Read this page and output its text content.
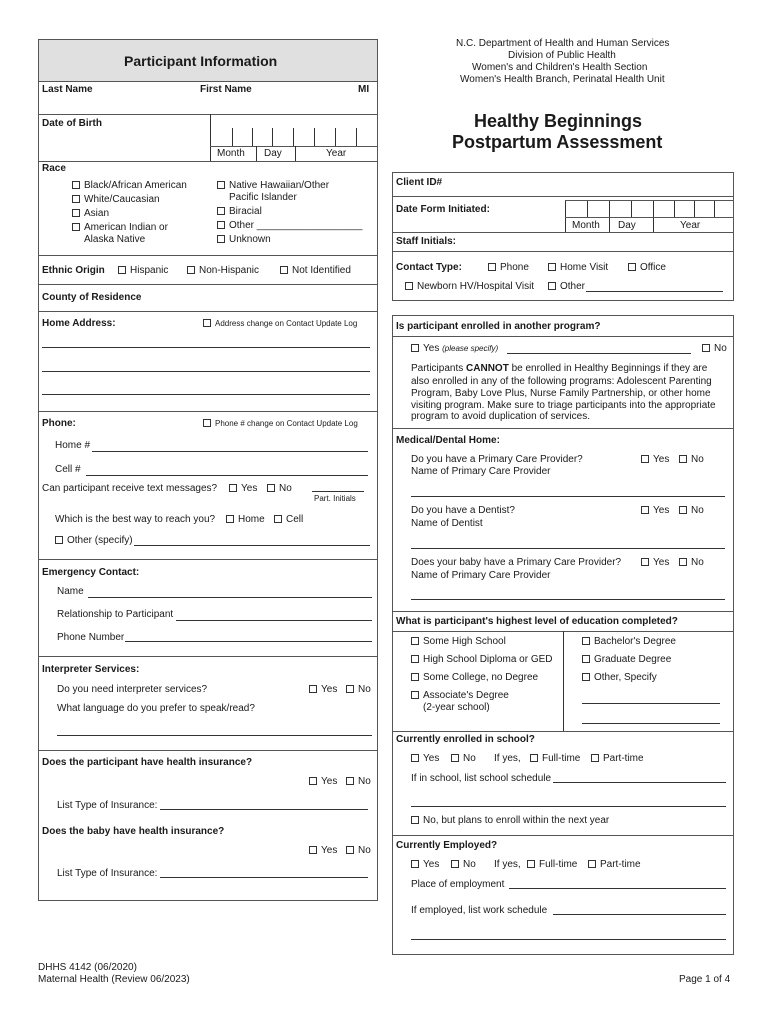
Participant Information
Last Name	First Name	MI
Date of Birth
Month Day	Year
Race
Black/African American
White/Caucasian
Asian
American Indian or
Alaska Native
Native Hawaiian/Other
Pacific Islander
Biracial
Other ___________________
Unknown
Ethnic Origin	Hispanic	Non-Hispanic	Not Identified
County of Residence
Home Address:	Address change on Contact Update Log
Phone:	Phone # change on Contact Update Log
Home #
Cell #
Can participant receive text messages?	Yes	No
Part. Initials
Which is the best way to reach you?	Home	Cell
Other (specify)
Emergency Contact:
Name
Relationship to Participant
Phone Number
Interpreter Services:
Do you need interpreter services?	Yes	No
What language do you prefer to speak/read?
Does the participant have health insurance?
Yes	No
List Type of Insurance:
Does the baby have health insurance?
Yes	No
List Type of Insurance:
N.C. Department of Health and Human Services
Division of Public Health
Women's and Children's Health Section
Women's Health Branch, Perinatal Health Unit
Healthy Beginnings
Postpartum Assessment
Client ID#
Date Form Initiated:
Month Day	Year
Staff Initials:
Contact Type:	Phone	Home Visit	Office
Newborn HV/Hospital Visit	Other
Is participant enrolled in another program?
Yes (please specify)	No
Participants CANNOT be enrolled in Healthy Beginnings if they are
also enrolled in any of the following programs: Adolescent Parenting
Program, Baby Love Plus, Nurse Family Partnership, or other home
visiting program. Make sure to triage participants into the appropriate
program to avoid duplication of services.
Medical/Dental Home:
Do you have a Primary Care Provider?	Yes	No
Name of Primary Care Provider
Do you have a Dentist?	Yes	No
Name of Dentist
Does your baby have a Primary Care Provider?	Yes	No
Name of Primary Care Provider
What is participant's highest level of education completed?
Some High School
High School Diploma or GED
Some College, no Degree
Associate's Degree
(2-year school)
Bachelor's Degree
Graduate Degree
Other, Specify
Currently enrolled in school?
Yes	No If yes,	Full-time	Part-time
If in school, list school schedule
No, but plans to enroll within the next year
Currently Employed?
Yes	No If yes,	Full-time	Part-time
Place of employment
If employed, list work schedule
DHHS 4142 (06/2020)
Maternal Health (Review 06/2023)	Page 1 of 4
